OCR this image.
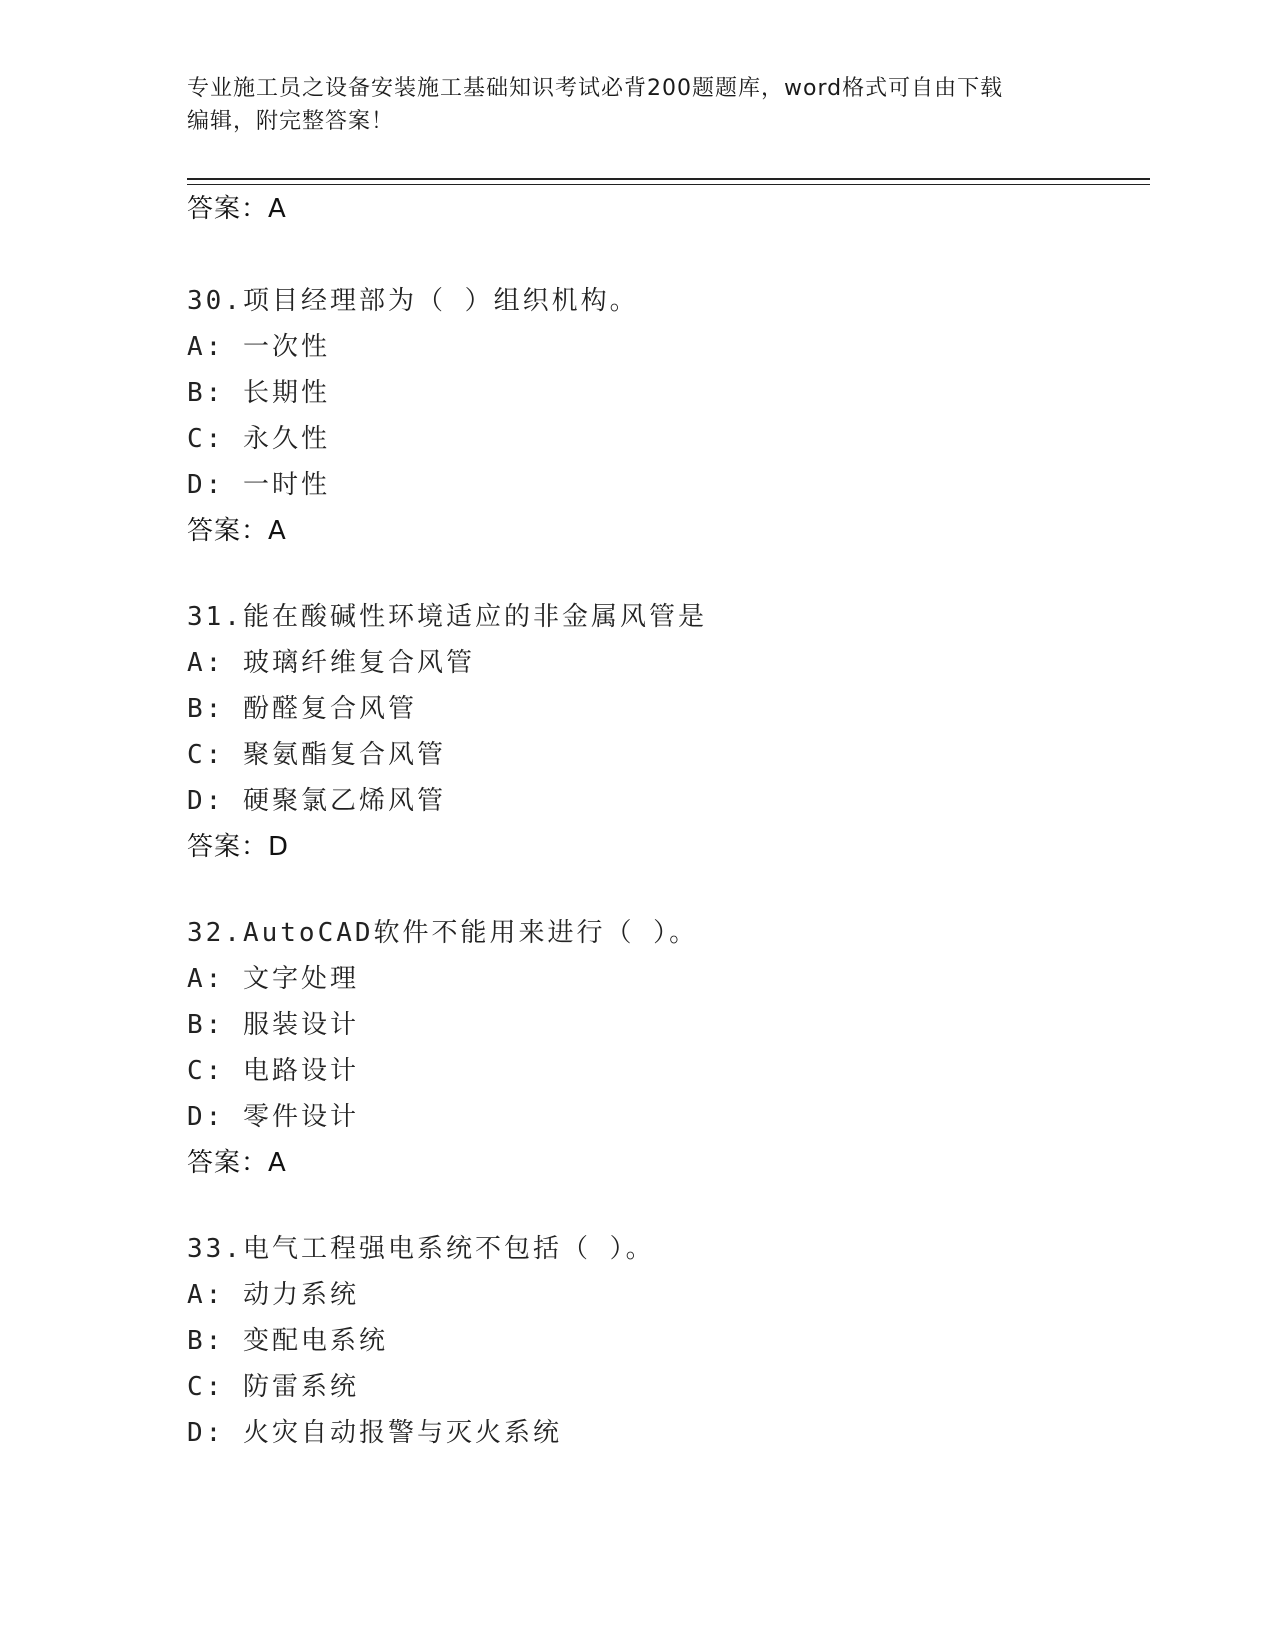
专业施工员之设备安装施工基础知识考试必背200题题库，word格式可自由下载
编辑，附完整答案！
答案：A
30.项目经理部为（ ）组织机构。
A: 一次性
B: 长期性
C: 永久性
D: 一时性
答案：A
31.能在酸碱性环境适应的非金属风管是
A: 玻璃纤维复合风管
B: 酚醛复合风管
C: 聚氨酯复合风管
D: 硬聚氯乙烯风管
答案：D
32.AutoCAD软件不能用来进行（ ）。
A: 文字处理
B: 服装设计
C: 电路设计
D: 零件设计
答案：A
33.电气工程强电系统不包括（ ）。
A: 动力系统
B: 变配电系统
C: 防雷系统
D: 火灾自动报警与灭火系统
